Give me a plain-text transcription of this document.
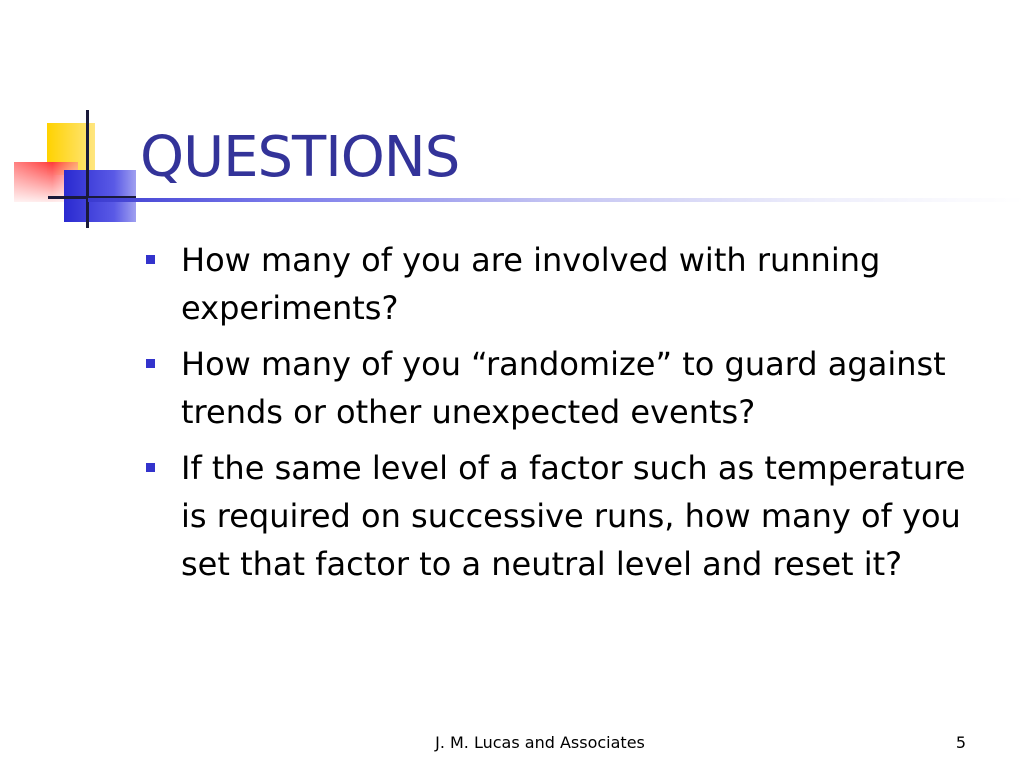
QUESTIONS
How many of you are involved with running experiments?
How many of you “randomize” to guard against trends or other unexpected events?
If the same level of a factor such as temperature is required on successive runs, how many of you set that factor to a neutral level and reset it?
J. M. Lucas and Associates	5
